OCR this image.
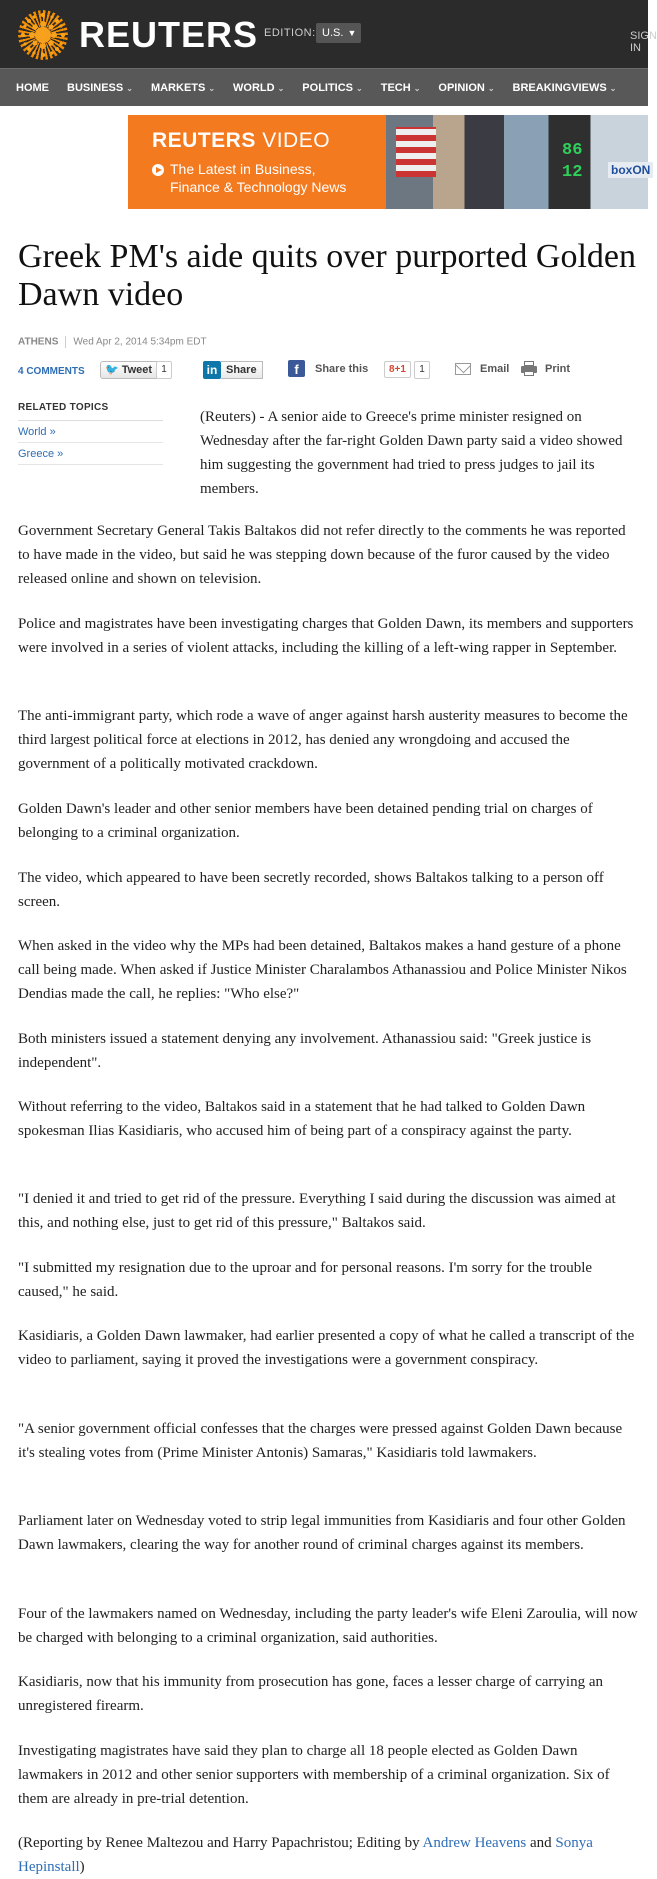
REUTERS EDITION: U.S. ▼	SIGN IN
HOME BUSINESS ⌄ MARKETS ⌄ WORLD ⌄ POLITICS ⌄ TECH ⌄ OPINION ⌄ BREAKINGVIEWS ⌄
REUTERS VIDEO
The Latest in Business,
Finance & Technology News
86
12 boxON
Greek PM's aide quits over purported Golden Dawn video
ATHENS Wed Apr 2, 2014 5:34pm EDT
4 COMMENTS	🐦 Tweet 1	in Share	f	Share this	8+1	1	Email	Print
RELATED TOPICS
World »
Greece »

(Reuters) - A senior aide to Greece's prime minister resigned on Wednesday after the far-right Golden Dawn party said a video showed him suggesting the government had tried to press judges to jail its members.

Government Secretary General Takis Baltakos did not refer directly to the comments he was reported to have made in the video, but said he was stepping down because of the furor caused by the video released online and shown on television.

Police and magistrates have been investigating charges that Golden Dawn, its members and supporters were involved in a series of violent attacks, including the killing of a left-wing rapper in September.

The anti-immigrant party, which rode a wave of anger against harsh austerity measures to become the third largest political force at elections in 2012, has denied any wrongdoing and accused the government of a politically motivated crackdown.

Golden Dawn's leader and other senior members have been detained pending trial on charges of belonging to a criminal organization.

The video, which appeared to have been secretly recorded, shows Baltakos talking to a person off screen.

When asked in the video why the MPs had been detained, Baltakos makes a hand gesture of a phone call being made. When asked if Justice Minister Charalambos Athanassiou and Police Minister Nikos Dendias made the call, he replies: "Who else?"

Both ministers issued a statement denying any involvement. Athanassiou said: "Greek justice is independent".

Without referring to the video, Baltakos said in a statement that he had talked to Golden Dawn spokesman Ilias Kasidiaris, who accused him of being part of a conspiracy against the party.

"I denied it and tried to get rid of the pressure. Everything I said during the discussion was aimed at this, and nothing else, just to get rid of this pressure," Baltakos said.

"I submitted my resignation due to the uproar and for personal reasons. I'm sorry for the trouble caused," he said.

Kasidiaris, a Golden Dawn lawmaker, had earlier presented a copy of what he called a transcript of the video to parliament, saying it proved the investigations were a government conspiracy.

"A senior government official confesses that the charges were pressed against Golden Dawn because it's stealing votes from (Prime Minister Antonis) Samaras," Kasidiaris told lawmakers.

Parliament later on Wednesday voted to strip legal immunities from Kasidiaris and four other Golden Dawn lawmakers, clearing the way for another round of criminal charges against its members.

Four of the lawmakers named on Wednesday, including the party leader's wife Eleni Zaroulia, will now be charged with belonging to a criminal organization, said authorities.

Kasidiaris, now that his immunity from prosecution has gone, faces a lesser charge of carrying an unregistered firearm.

Investigating magistrates have said they plan to charge all 18 people elected as Golden Dawn lawmakers in 2012 and other senior supporters with membership of a criminal organization. Six of them are already in pre-trial detention.

(Reporting by Renee Maltezou and Harry Papachristou; Editing by Andrew Heavens and Sonya Hepinstall)
